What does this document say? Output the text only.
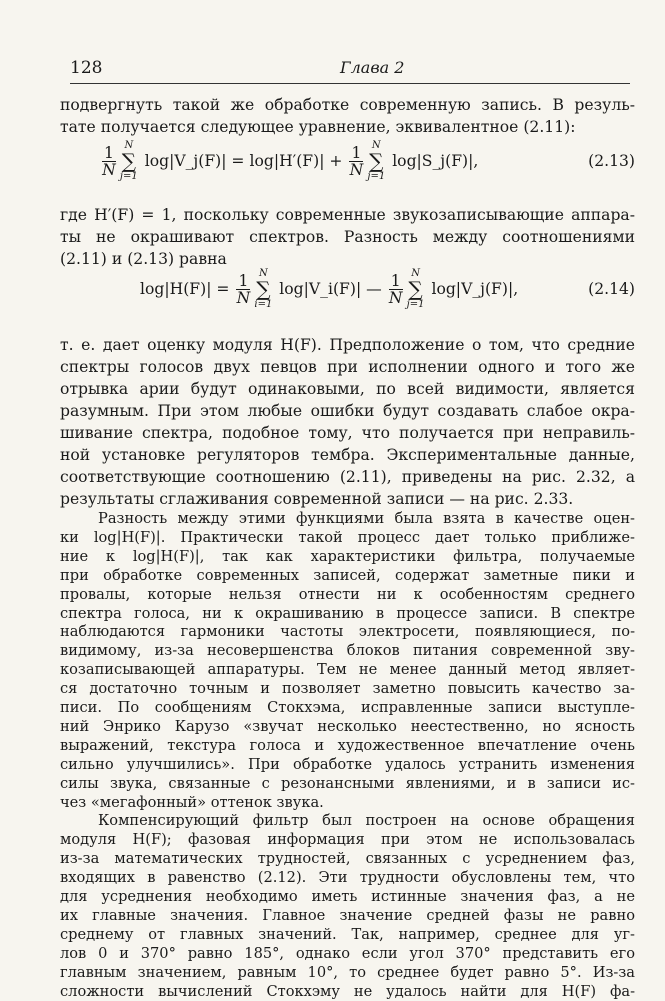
128	Глава 2
подвергнуть такой же обработке современную запись. В резуль-
тате получается следующее уравнение, эквивалентное (2.11):
$\frac{1}{N}$ N
∑
j=1
log|V_j(F)| = $\log|H'(F)| + \frac{1}{N}$ N
∑
j=1
log|S_j(F)|,	(2.13)
где H′(F) = 1, поскольку современные звукозаписывающие аппара-
ты не окрашивают спектров. Разность между соотношениями
(2.11) и (2.13) равна
$\log|H(F)| = \frac{1}{N}$ N
∑
i=1
log|V_i(F)| — $\frac{1}{N}$ N
∑
j=1
log|V_j(F)|,	(2.14)
т. е. дает оценку модуля H(F). Предположение о том, что средние
спектры голосов двух певцов при исполнении одного и того же
отрывка арии будут одинаковыми, по всей видимости, является
разумным. При этом любые ошибки будут создавать слабое окра-
шивание спектра, подобное тому, что получается при неправиль-
ной установке регуляторов тембра. Экспериментальные данные,
соответствующие соотношению (2.11), приведены на рис. 2.32, а
результаты сглаживания современной записи — на рис. 2.33.
Разность между этими функциями была взята в качестве оцен-
ки log|H(F)|. Практически такой процесс дает только приближе-
ние к log|H(F)|, так как характеристики фильтра, получаемые
при обработке современных записей, содержат заметные пики и
провалы, которые нельзя отнести ни к особенностям среднего
спектра голоса, ни к окрашиванию в процессе записи. В спектре
наблюдаются гармоники частоты электросети, появляющиеся, по-
видимому, из-за несовершенства блоков питания современной зву-
козаписывающей аппаратуры. Тем не менее данный метод являет-
ся достаточно точным и позволяет заметно повысить качество за-
писи. По сообщениям Стокхэма, исправленные записи выступле-
ний Энрико Карузо «звучат несколько неестественно, но ясность
выражений, текстура голоса и художественное впечатление очень
сильно улучшились». При обработке удалось устранить изменения
силы звука, связанные с резонансными явлениями, и в записи ис-
чез «мегафонный» оттенок звука.
Компенсирующий фильтр был построен на основе обращения
модуля H(F); фазовая информация при этом не использовалась
из-за математических трудностей, связанных с усреднением фаз,
входящих в равенство (2.12). Эти трудности обусловлены тем, что
для усреднения необходимо иметь истинные значения фаз, а не
их главные значения. Главное значение средней фазы не равно
среднему от главных значений. Так, например, среднее для уг-
лов 0 и 370° равно 185°, однако если угол 370° представить его
главным значением, равным 10°, то среднее будет равно 5°. Из-за
сложности вычислений Стокхэму не удалось найти для H(F) фа-
